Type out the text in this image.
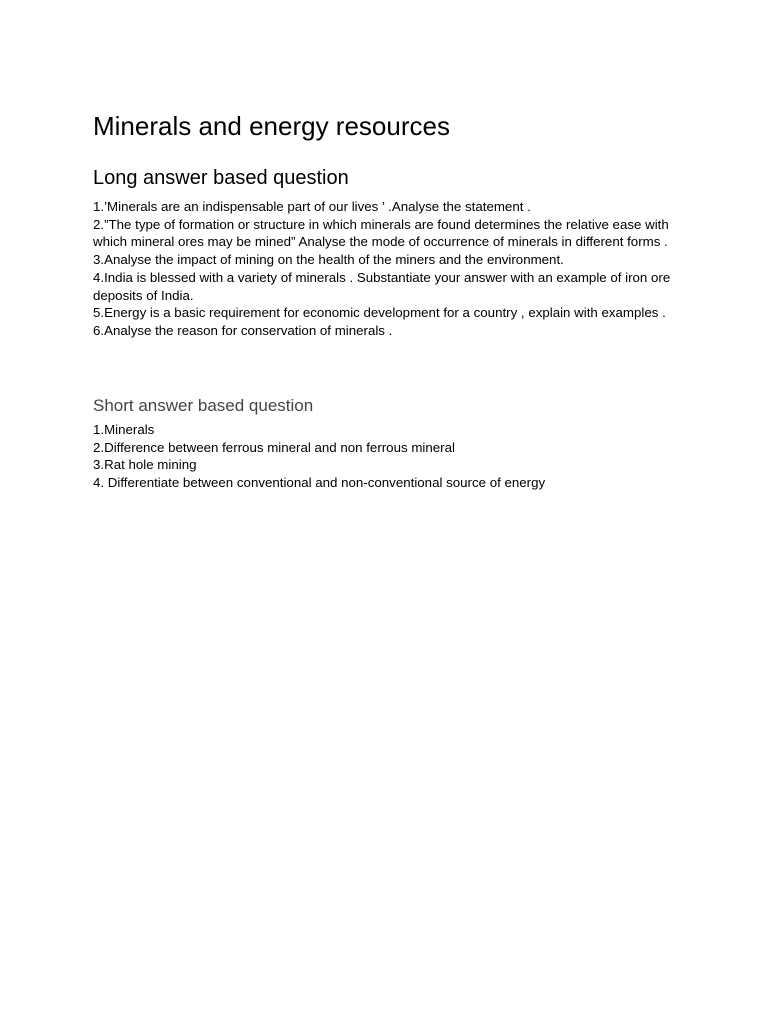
Minerals and energy resources
Long answer based question
1.’Minerals are an indispensable part of our lives ’ .Analyse the statement .
2.”The type of formation or structure in which minerals are found determines the relative ease with which mineral ores may be mined” Analyse the mode of occurrence of minerals in different forms .
3.Analyse the impact of mining on the health of the miners and the environment.
4.India is blessed with a variety of minerals . Substantiate your answer with an example of iron ore deposits of India.
5.Energy is a basic requirement for economic development for a country , explain with examples .
6.Analyse the reason for conservation of minerals .
Short answer based question
1.Minerals
2.Difference between ferrous mineral and non ferrous mineral
3.Rat hole mining
4. Differentiate between conventional and non-conventional source of energy
